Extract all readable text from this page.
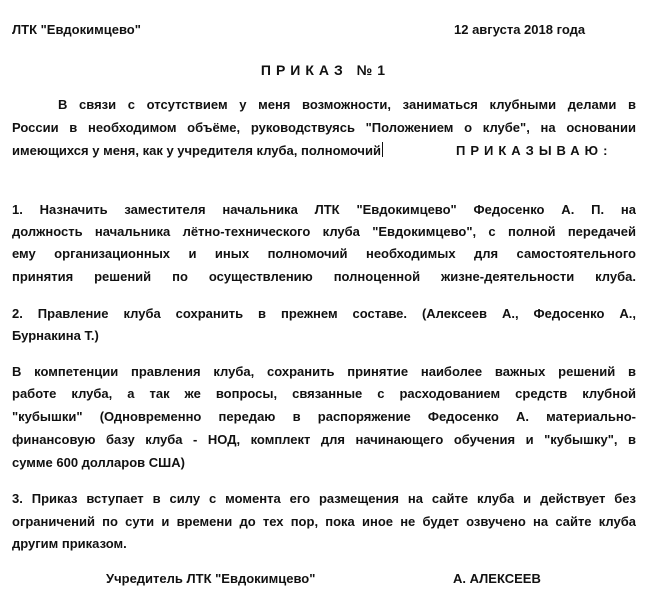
ЛТК "Евдокимцево"	12 августа 2018 года
ПРИКАЗ №1
В связи с отсутствием у меня возможности, заниматься клубными делами в
России в необходимом объёме, руководствуясь "Положением о клубе", на основании
имеющихся у меня, как у учредителя клуба, полномочий	ПРИКАЗЫВАЮ:
1. Назначить заместителя начальника ЛТК "Евдокимцево" Федосенко А. П. на
должность начальника лётно-технического клуба "Евдокимцево", с полной передачей
ему организационных и иных полномочий необходимых для самостоятельного
принятия решений по осуществлению полноценной жизне-деятельности клуба.
2. Правление клуба сохранить в прежнем составе. (Алексеев А., Федосенко А.,
Бурнакина Т.)
В компетенции правления клуба, сохранить принятие наиболее важных решений в
работе клуба, а так же вопросы, связанные с расходованием средств клубной
"кубышки" (Одновременно передаю в распоряжение Федосенко А. материально-
финансовую базу клуба - НОД, комплект для начинающего обучения и "кубышку", в
сумме 600 долларов США)
3. Приказ вступает в силу с момента его размещения на сайте клуба и действует без
ограничений по сути и времени до тех пор, пока иное не будет озвучено на сайте клуба
другим приказом.
Учредитель ЛТК "Евдокимцево"	А. АЛЕКСЕЕВ
